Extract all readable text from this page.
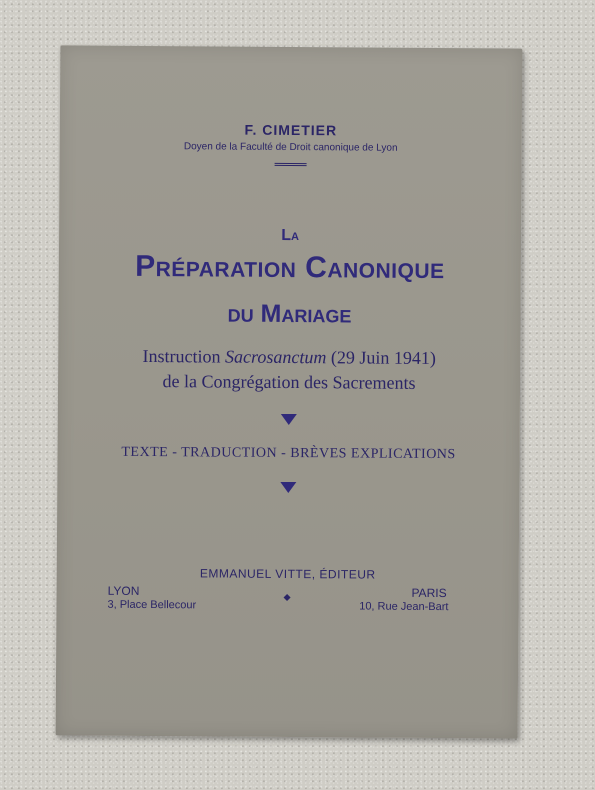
F. CIMETIER
Doyen de la Faculté de Droit canonique de Lyon
La
Préparation Canonique
du Mariage
Instruction Sacrosanctum (29 Juin 1941)
de la Congrégation des Sacrements
TEXTE - TRADUCTION - BRÈVES EXPLICATIONS
EMMANUEL VITTE, ÉDITEUR
LYON
3, Place Bellecour
PARIS
10, Rue Jean-Bart
